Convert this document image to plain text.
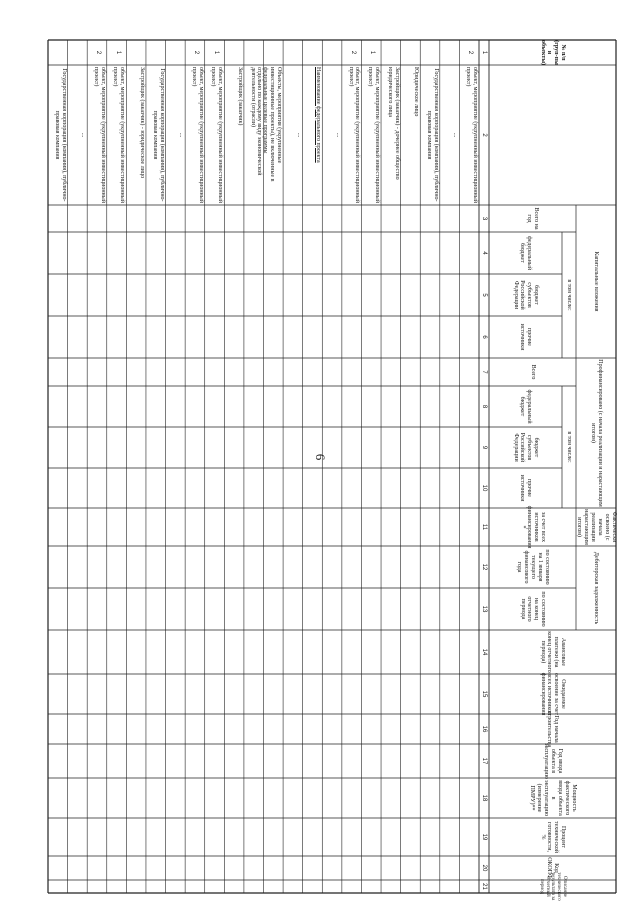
6
№ п/п (груп-пы и объекты)
Капитальные вложения
Всего на год
в том числе:
федеральный бюджет
бюджет субъектов Российской Федерации
прочие источники
Профинансировано (с начала реализации и нарастающим итогом)
Всего
в том числе:
федеральный бюджет
бюджет субъектов Российской Федерации
прочие источники
Фактически освоено (с начала реализации нарастающим итогом)
за счет всех источников финансирования *
Дебиторская задолженность
по состоянию на 1 января текущего финансового года
по состоянию на конец отчетного периода
Авансовые платежи (на конец отчетного периода)
Ожидаемое освоение за счет всех источников финансирования
Год начала строительства
Год ввода объекта в эксплуатацию
Мощность фактического ввода объекта в эксплуатацию (измерение ПМРУ)**
Процент технической готовности, %
Код ОКОПФ
Описание технического результата за отчетный период
1
2
3
4
5
6
7
8
9
10
11
12
13
14
15
16
17
18
19
20
21
2
объект, мероприятие (укрупненный инвестиционный проект)
...
Государственная корпорация (компания), публично-правовая компания
Юридическое лицо
Застройщик (заказчик) - дочернее общество юридического лица
1
объект, мероприятие (укрупненный инвестиционный проект)
2
объект, мероприятие (укрупненный инвестиционный проект)
...
Наименование федерального проекта
...
Объекты, мероприятия (укрупненные инвестиционные проекты), не включенные в федеральные целевые программы
отдельно по каждому виду экономической деятельности (отрасли)
Застройщик (заказчик)
1
объект, мероприятие (укрупненный инвестиционный проект)
2
объект, мероприятие (укрупненный инвестиционный проект)
...
Государственная корпорация (компания), публично-правовая компания
Застройщик (заказчик) - юридическое лицо
1
объект, мероприятие (укрупненный инвестиционный проект)
2
объект, мероприятие (укрупненный инвестиционный проект)
...
Государственная корпорация (компания), публично-правовая компания
